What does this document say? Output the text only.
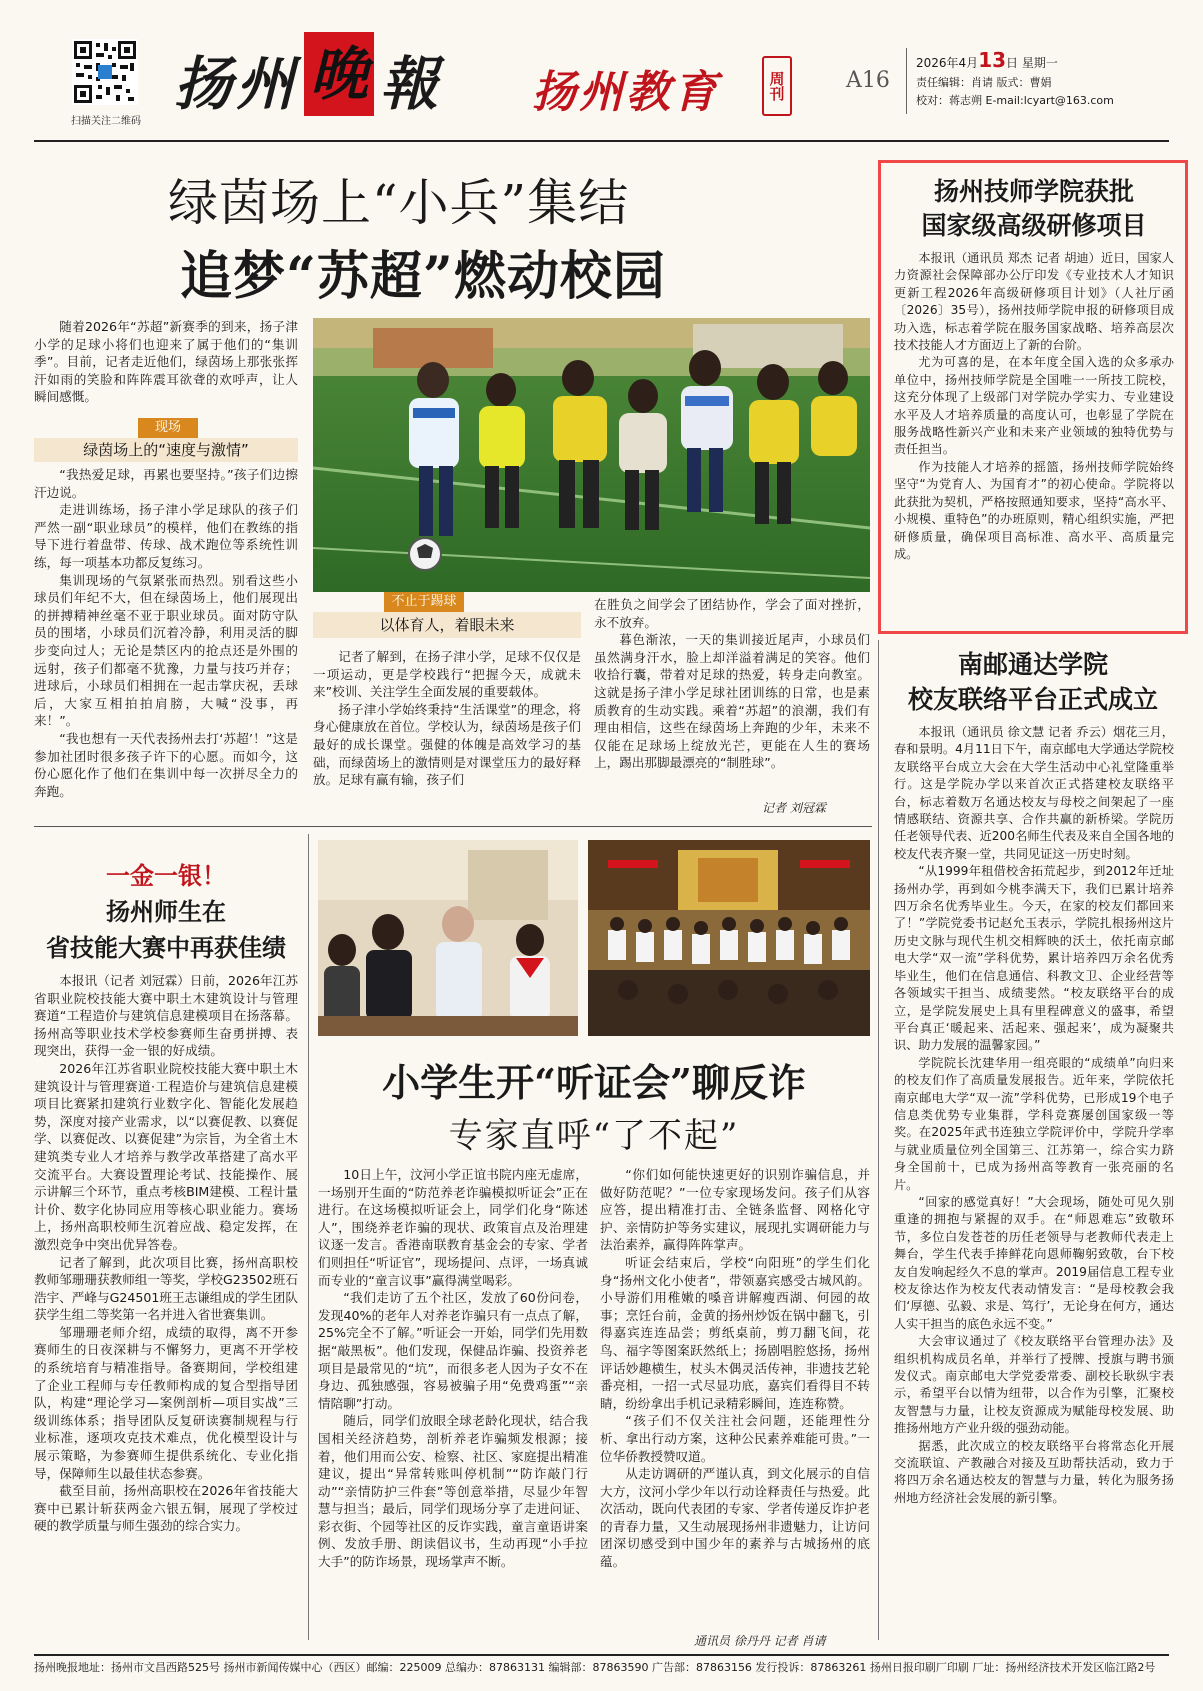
扫描关注二维码
扬州 晚 報 扬州教育	周刊	A16
2026年4月13日 星期一
责任编辑：肖请 版式：曹娟
校对：蒋志朔 E-mail:lcyart@163.com
绿茵场上“小兵”集结
追梦“苏超”燃动校园

随着2026年“苏超”新赛季的到来，扬子津小学的足球小将们也迎来了属于他们的“集训季”。目前，记者走近他们，绿茵场上那张张挥汗如雨的笑脸和阵阵震耳欲聋的欢呼声，让人瞬间感慨。

现场
绿茵场上的“速度与激情”

“我热爱足球，再累也要坚持。”孩子们边擦汗边说。

走进训练场，扬子津小学足球队的孩子们严然一副“职业球员”的模样，他们在教练的指导下进行着盘带、传球、战术跑位等系统性训练，每一项基本功都反复练习。

集训现场的气氛紧张而热烈。别看这些小球员们年纪不大，但在绿茵场上，他们展现出的拼搏精神丝毫不亚于职业球员。面对防守队员的围堵，小球员们沉着冷静，利用灵活的脚步变向过人；无论是禁区内的抢点还是外围的远射，孩子们都毫不犹豫，力量与技巧并存；进球后，小球员们相拥在一起击掌庆祝，丢球后，大家互相拍拍肩膀，大喊“没事，再来！”。

“我也想有一天代表扬州去打‘苏超’！”这是参加社团时很多孩子许下的心愿。而如今，这份心愿化作了他们在集训中每一次拼尽全力的奔跑。

不止于踢球
以体育人，着眼未来

记者了解到，在扬子津小学，足球不仅仅是一项运动，更是学校践行“把握今天，成就未来”校训、关注学生全面发展的重要载体。

扬子津小学始终秉持“生活课堂”的理念，将身心健康放在首位。学校认为，绿茵场是孩子们最好的成长课堂。强健的体魄是高效学习的基础，而绿茵场上的激情则是对课堂压力的最好释放。足球有赢有输，孩子们

在胜负之间学会了团结协作，学会了面对挫折，永不放弃。

暮色渐浓，一天的集训接近尾声，小球员们虽然满身汗水，脸上却洋溢着满足的笑容。他们收拾行囊，带着对足球的热爱，转身走向教室。这就是扬子津小学足球社团训练的日常，也是素质教育的生动实践。乘着“苏超”的浪潮，我们有理由相信，这些在绿茵场上奔跑的少年，未来不仅能在足球场上绽放光芒，更能在人生的赛场上，踢出那脚最漂亮的“制胜球”。

记者 刘冠霖
扬州技师学院获批
国家级高级研修项目

本报讯（通讯员 郑杰 记者 胡迪）近日，国家人力资源社会保障部办公厅印发《专业技术人才知识更新工程2026年高级研修项目计划》（人社厅函〔2026〕35号），扬州技师学院申报的研修项目成功入选，标志着学院在服务国家战略、培养高层次技术技能人才方面迈上了新的台阶。

尤为可喜的是，在本年度全国入选的众多承办单位中，扬州技师学院是全国唯一一所技工院校，这充分体现了上级部门对学院办学实力、专业建设水平及人才培养质量的高度认可，也彰显了学院在服务战略性新兴产业和未来产业领域的独特优势与责任担当。

作为技能人才培养的摇篮，扬州技师学院始终坚守“为党育人、为国育才”的初心使命。学院将以此获批为契机，严格按照通知要求，坚持“高水平、小规模、重特色”的办班原则，精心组织实施，严把研修质量，确保项目高标准、高水平、高质量完成。

南邮通达学院
校友联络平台正式成立

本报讯（通讯员 徐文慧 记者 乔云）烟花三月，春和景明。4月11日下午，南京邮电大学通达学院校友联络平台成立大会在大学生活动中心礼堂隆重举行。这是学院办学以来首次正式搭建校友联络平台，标志着数万名通达校友与母校之间架起了一座情感联结、资源共享、合作共赢的新桥梁。学院历任老领导代表、近200名师生代表及来自全国各地的校友代表齐聚一堂，共同见证这一历史时刻。

“从1999年租借校舍拓荒起步，到2012年迁址扬州办学，再到如今桃李满天下，我们已累计培养四万余名优秀毕业生。今天，在家的校友们都回来了！”学院党委书记赵允玉表示，学院扎根扬州这片历史文脉与现代生机交相辉映的沃土，依托南京邮电大学“双一流”学科优势，累计培养四万余名优秀毕业生，他们在信息通信、科教文卫、企业经营等各领域实干担当、成绩斐然。“校友联络平台的成立，是学院发展史上具有里程碑意义的盛事，希望平台真正‘暖起来、活起来、强起来’，成为凝聚共识、助力发展的温馨家园。”

学院院长沈建华用一组亮眼的“成绩单”向归来的校友们作了高质量发展报告。近年来，学院依托南京邮电大学“双一流”学科优势，已形成19个电子信息类优势专业集群，学科竞赛屡创国家级一等奖。在2025年武书连独立学院评价中，学院升学率与就业质量位列全国第三、江苏第一，综合实力跻身全国前十，已成为扬州高等教育一张亮丽的名片。

“回家的感觉真好！”大会现场，随处可见久别重逢的拥抱与紧握的双手。在“师恩难忘”致敬环节，多位白发苍苍的历任老领导与老教师代表走上舞台，学生代表手捧鲜花向恩师鞠躬致敬，台下校友自发响起经久不息的掌声。2019届信息工程专业校友徐达作为校友代表动情发言：“是母校教会我们‘厚德、弘毅、求是、笃行’，无论身在何方，通达人实干担当的底色永远不变。”

大会审议通过了《校友联络平台管理办法》及组织机构成员名单，并举行了授牌、授旗与聘书颁发仪式。南京邮电大学党委常委、副校长耿纵宇表示，希望平台以情为纽带，以合作为引擎，汇聚校友智慧与力量，让校友资源成为赋能母校发展、助推扬州地方产业升级的强劲动能。

据悉，此次成立的校友联络平台将常态化开展交流联谊、产教融合对接及互助帮扶活动，致力于将四万余名通达校友的智慧与力量，转化为服务扬州地方经济社会发展的新引擎。

一金一银！
扬州师生在
省技能大赛中再获佳绩

本报讯（记者 刘冠霖）日前，2026年江苏省职业院校技能大赛中职土木建筑设计与管理赛道“工程造价与建筑信息建模项目在扬落幕。扬州高等职业技术学校参赛师生奋勇拼搏、表现突出，获得一金一银的好成绩。

2026年江苏省职业院校技能大赛中职土木建筑设计与管理赛道·工程造价与建筑信息建模项目比赛紧扣建筑行业数字化、智能化发展趋势，深度对接产业需求，以“以赛促教、以赛促学、以赛促改、以赛促建”为宗旨，为全省土木建筑类专业人才培养与教学改革搭建了高水平交流平台。大赛设置理论考试、技能操作、展示讲解三个环节，重点考核BIM建模、工程计量计价、数字化协同应用等核心职业能力。赛场上，扬州高职校师生沉着应战、稳定发挥，在激烈竞争中突出优异答卷。

记者了解到，此次项目比赛，扬州高职校教师邹珊珊获教师组一等奖，学校G23502班石浩宇、严峰与G24501班王志谦组成的学生团队获学生组二等奖第一名并进入省世赛集训。

邹珊珊老师介绍，成绩的取得，离不开参赛师生的日夜深耕与不懈努力，更离不开学校的系统培育与精准指导。备赛期间，学校组建了企业工程师与专任教师构成的复合型指导团队，构建“理论学习—案例剖析—项目实战”三级训练体系；指导团队反复研读赛制规程与行业标准，逐项攻克技术难点，优化模型设计与展示策略，为参赛师生提供系统化、专业化指导，保障师生以最佳状态参赛。

截至目前，扬州高职校在2026年省技能大赛中已累计斩获两金六银五铜，展现了学校过硬的教学质量与师生强劲的综合实力。

小学生开“听证会”聊反诈
专家直呼“了不起”

10日上午，汶河小学正谊书院内座无虚席，一场别开生面的“防范养老诈骗模拟听证会”正在进行。在这场模拟听证会上，同学们化身“陈述人”，围绕养老诈骗的现状、政策盲点及治理建议逐一发言。香港南联教育基金会的专家、学者们则担任“听证官”，现场提问、点评，一场真诚而专业的“童言议事”赢得满堂喝彩。

“我们走访了五个社区，发放了60份问卷，发现40%的老年人对养老诈骗只有一点点了解，25%完全不了解。”听证会一开始，同学们先用数据“敲黑板”。他们发现，保健品诈骗、投资养老项目是最常见的“坑”，而很多老人因为子女不在身边、孤独感强，容易被骗子用“免费鸡蛋”“亲情陪聊”打动。

随后，同学们放眼全球老龄化现状，结合我国相关经济趋势，剖析养老诈骗频发根源；接着，他们用而公安、检察、社区、家庭提出精准建议，提出“异常转账叫停机制”“防诈敲门行动”“亲情防护三件套”等创意举措，尽显少年智慧与担当；最后，同学们现场分享了走进问证、彩衣街、个园等社区的反诈实践，童言童语讲案例、发放手册、朗读倡议书，生动再现“小手拉大手”的防诈场景，现场掌声不断。

“你们如何能快速更好的识别诈骗信息，并做好防范呢？”一位专家现场发问。孩子们从容应答，提出精准打击、全链条监督、网格化守护、亲情防护等务实建议，展现扎实调研能力与法治素养，赢得阵阵掌声。

听证会结束后，学校“向阳班”的学生们化身“扬州文化小使者”，带领嘉宾感受古城风韵。小导游们用稚嫩的嗓音讲解瘦西湖、何园的故事；烹饪台前，金黄的扬州炒饭在锅中翻飞，引得嘉宾连连品尝；剪纸桌前，剪刀翻飞间，花鸟、福字等图案跃然纸上；扬剧唱腔悠扬，扬州评话妙趣横生，杖头木偶灵活传神，非遗技艺轮番亮相，一招一式尽显功底，嘉宾们看得目不转睛，纷纷拿出手机记录精彩瞬间，连连称赞。

“孩子们不仅关注社会问题，还能理性分析、拿出行动方案，这种公民素养难能可贵。”一位华侨教授赞叹道。

从走访调研的严谨认真，到文化展示的自信大方，汶河小学少年以行动诠释责任与热爱。此次活动，既向代表团的专家、学者传递反诈护老的青春力量，又生动展现扬州非遗魅力，让访问团深切感受到中国少年的素养与古城扬州的底蕴。

通讯员 徐丹丹 记者 肖请
扬州晚报地址：扬州市文昌西路525号 扬州市新闻传媒中心（西区）邮编：225009 总编办：87863131 编辑部：87863590 广告部：87863156 发行投诉：87863261 扬州日报印刷厂印刷 厂址：扬州经济技术开发区临江路2号
